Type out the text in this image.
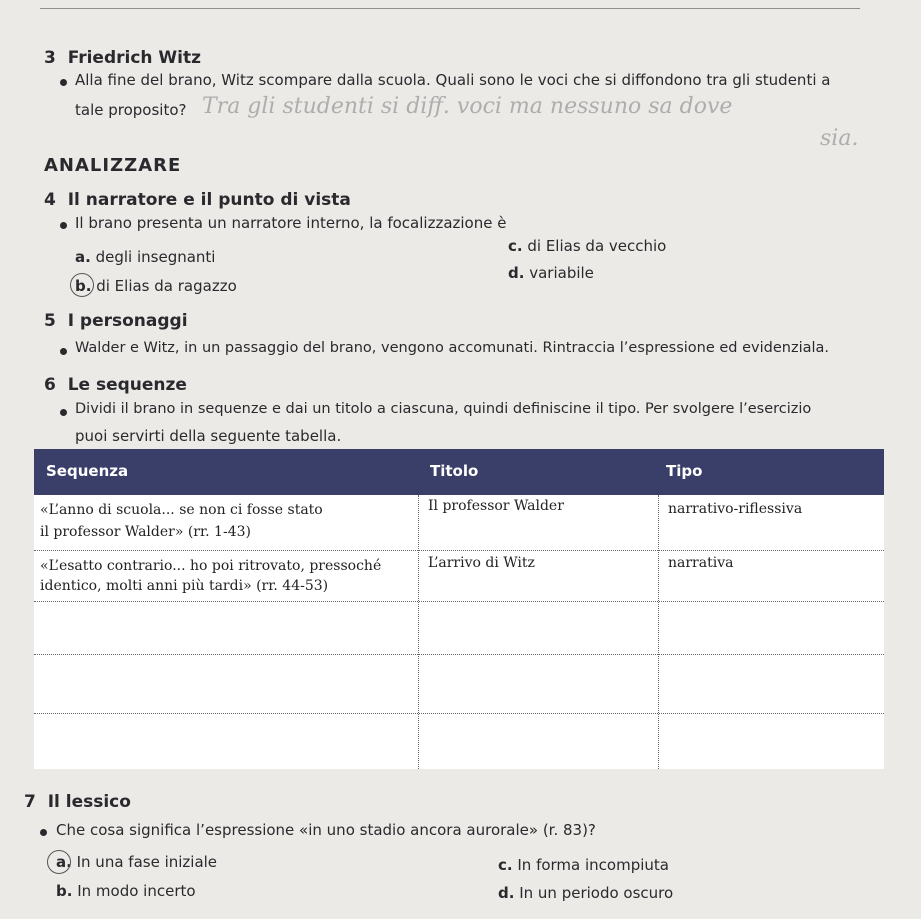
3 Friedrich Witz
Alla fine del brano, Witz scompare dalla scuola. Quali sono le voci che si diffondono tra gli studenti a
tale proposito? Tra gli studenti si diff. voci ma nessuno sa dove
sia.
ANALIZZARE
4 Il narratore e il punto di vista
Il brano presenta un narratore interno, la focalizzazione è
a. degli insegnanti
b. di Elias da ragazzo
c. di Elias da vecchio
d. variabile
5 I personaggi
Walder e Witz, in un passaggio del brano, vengono accomunati. Rintraccia l’espressione ed evidenziala.
6 Le sequenze
Dividi il brano in sequenze e dai un titolo a ciascuna, quindi definiscine il tipo. Per svolgere l’esercizio
puoi servirti della seguente tabella.
Sequenza	Titolo	Tipo
«L’anno di scuola... se non ci fosse stato
il professor Walder» (rr. 1-43)
Il professor Walder	narrativo-riflessiva
«L’esatto contrario... ho poi ritrovato, pressoché
identico, molti anni più tardi» (rr. 44-53)
L’arrivo di Witz	narrativa
7 Il lessico
Che cosa significa l’espressione «in uno stadio ancora aurorale» (r. 83)?
a. In una fase iniziale
b. In modo incerto
c. In forma incompiuta
d. In un periodo oscuro
